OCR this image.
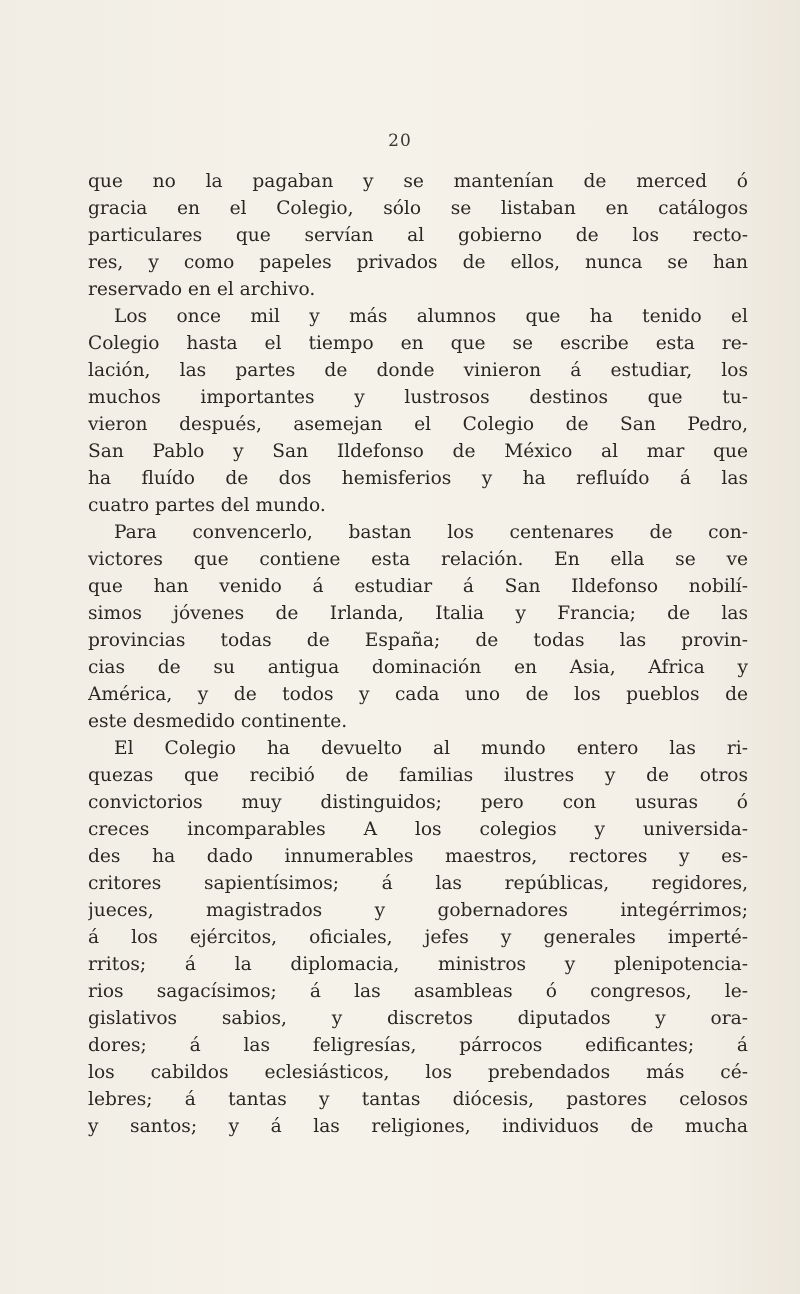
20
que no la pagaban y se mantenían de merced ó
gracia en el Colegio, sólo se listaban en catálogos
particulares que servían al gobierno de los recto-
res, y como papeles privados de ellos, nunca se han
reservado en el archivo.
Los once mil y más alumnos que ha tenido el
Colegio hasta el tiempo en que se escribe esta re-
lación, las partes de donde vinieron á estudiar, los
muchos importantes y lustrosos destinos que tu-
vieron después, asemejan el Colegio de San Pedro,
San Pablo y San Ildefonso de México al mar que
ha fluído de dos hemisferios y ha refluído á las
cuatro partes del mundo.
Para convencerlo, bastan los centenares de con-
victores que contiene esta relación. En ella se ve
que han venido á estudiar á San Ildefonso nobilí-
simos jóvenes de Irlanda, Italia y Francia; de las
provincias todas de España; de todas las provin-
cias de su antigua dominación en Asia, Africa y
América, y de todos y cada uno de los pueblos de
este desmedido continente.
El Colegio ha devuelto al mundo entero las ri-
quezas que recibió de familias ilustres y de otros
convictorios muy distinguidos; pero con usuras ó
creces incomparables A los colegios y universida-
des ha dado innumerables maestros, rectores y es-
critores sapientísimos; á las repúblicas, regidores,
jueces, magistrados y gobernadores integérrimos;
á los ejércitos, oficiales, jefes y generales imperté-
rritos; á la diplomacia, ministros y plenipotencia-
rios sagacísimos; á las asambleas ó congresos, le-
gislativos sabios, y discretos diputados y ora-
dores; á las feligresías, párrocos edificantes; á
los cabildos eclesiásticos, los prebendados más cé-
lebres; á tantas y tantas diócesis, pastores celosos
y santos; y á las religiones, individuos de mucha
